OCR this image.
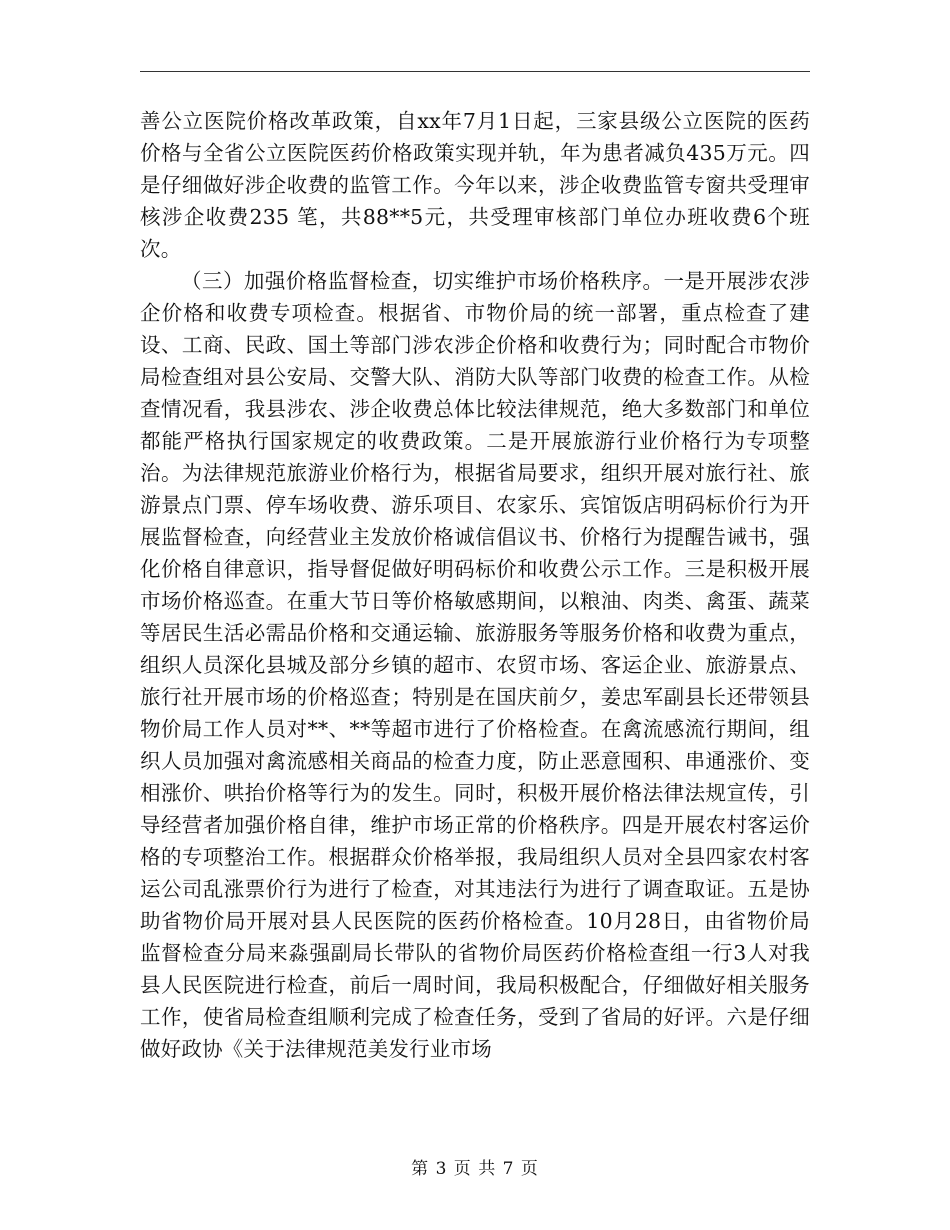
善公立医院价格改革政策，自xx年7月1日起，三家县级公立医院的医药价格与全省公立医院医药价格政策实现并轨，年为患者减负435万元。四是仔细做好涉企收费的监管工作。今年以来，涉企收费监管专窗共受理审核涉企收费235 笔，共88**5元，共受理审核部门单位办班收费6个班次。

（三）加强价格监督检查，切实维护市场价格秩序。一是开展涉农涉企价格和收费专项检查。根据省、市物价局的统一部署，重点检查了建设、工商、民政、国土等部门涉农涉企价格和收费行为；同时配合市物价局检查组对县公安局、交警大队、消防大队等部门收费的检查工作。从检查情况看，我县涉农、涉企收费总体比较法律规范，绝大多数部门和单位都能严格执行国家规定的收费政策。二是开展旅游行业价格行为专项整治。为法律规范旅游业价格行为，根据省局要求，组织开展对旅行社、旅游景点门票、停车场收费、游乐项目、农家乐、宾馆饭店明码标价行为开展监督检查，向经营业主发放价格诚信倡议书、价格行为提醒告诫书，强化价格自律意识，指导督促做好明码标价和收费公示工作。三是积极开展市场价格巡查。在重大节日等价格敏感期间，以粮油、肉类、禽蛋、蔬菜等居民生活必需品价格和交通运输、旅游服务等服务价格和收费为重点，组织人员深化县城及部分乡镇的超市、农贸市场、客运企业、旅游景点、旅行社开展市场的价格巡查；特别是在国庆前夕，姜忠军副县长还带领县物价局工作人员对**、**等超市进行了价格检查。在禽流感流行期间，组织人员加强对禽流感相关商品的检查力度，防止恶意囤积、串通涨价、变相涨价、哄抬价格等行为的发生。同时，积极开展价格法律法规宣传，引导经营者加强价格自律，维护市场正常的价格秩序。四是开展农村客运价格的专项整治工作。根据群众价格举报，我局组织人员对全县四家农村客运公司乱涨票价行为进行了检查，对其违法行为进行了调查取证。五是协助省物价局开展对县人民医院的医药价格检查。10月28日，由省物价局监督检查分局来淼强副局长带队的省物价局医药价格检查组一行3人对我县人民医院进行检查，前后一周时间，我局积极配合，仔细做好相关服务工作，使省局检查组顺利完成了检查任务，受到了省局的好评。六是仔细做好政协《关于法律规范美发行业市场

第 3 页 共 7 页
